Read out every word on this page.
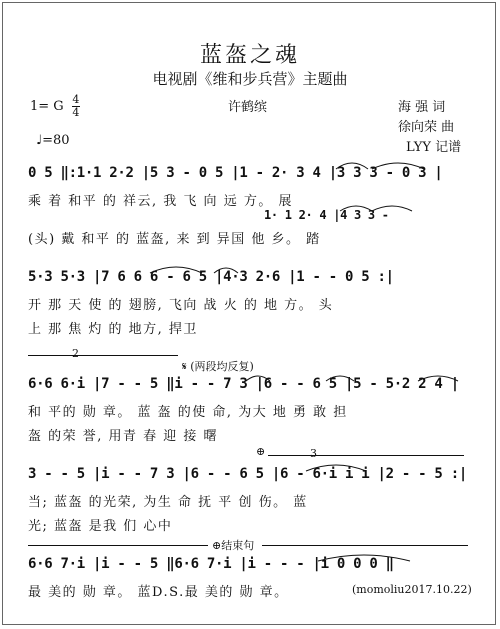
蓝盔之魂
电视剧《维和步兵营》主题曲
1= G $\frac{4}{4}$
♩=80
许鹤缤	海 强 词
徐向荣 曲
LYY 记谱
0 5 ‖:1·1 2·2 |5 3 - 0 5 |1 - 2· 3 4 |3 3 3 - 0 3 |
1· 1 2· 4 |4 3 3 -
乘 着 和平 的 祥云, 我 飞 向 远 方。 展
(头) 戴 和平 的 蓝盔, 来 到 异国 他 乡。 踏
5·3 5·3 |7 6 6 6 - 6 5 |4·3 2·6 |1 - - 0 5 :|
开 那 天 使 的 翅膀, 飞向 战 火 的 地 方。 头
上 那 焦 灼 的 地方, 捍卫
2
𝄋 (两段均反复)
6·6 6·i |7 - - 5 ‖i - - 7 3 |6 - - 6 5 |5 - 5·2 2 4 |
和 平的 勋 章。 蓝 盔 的使 命, 为大 地 勇 敢 担
盔 的荣 誉, 用青 春 迎 接 曙
3
⊕
3 - - 5 |i - - 7 3 |6 - - 6 5 |6 - 6·i i i |2 - - 5 :|
当; 蓝盔 的光荣, 为生 命 抚 平 创 伤。 蓝
光; 蓝盔 是我 们 心中
⊕结束句
6·6 7·i |i - - 5 ‖6·6 7·i |i - - - |i 0 0 0 ‖
最 美的 勋 章。 蓝D.S.最 美的 勋 章。	(momoliu2017.10.22)
